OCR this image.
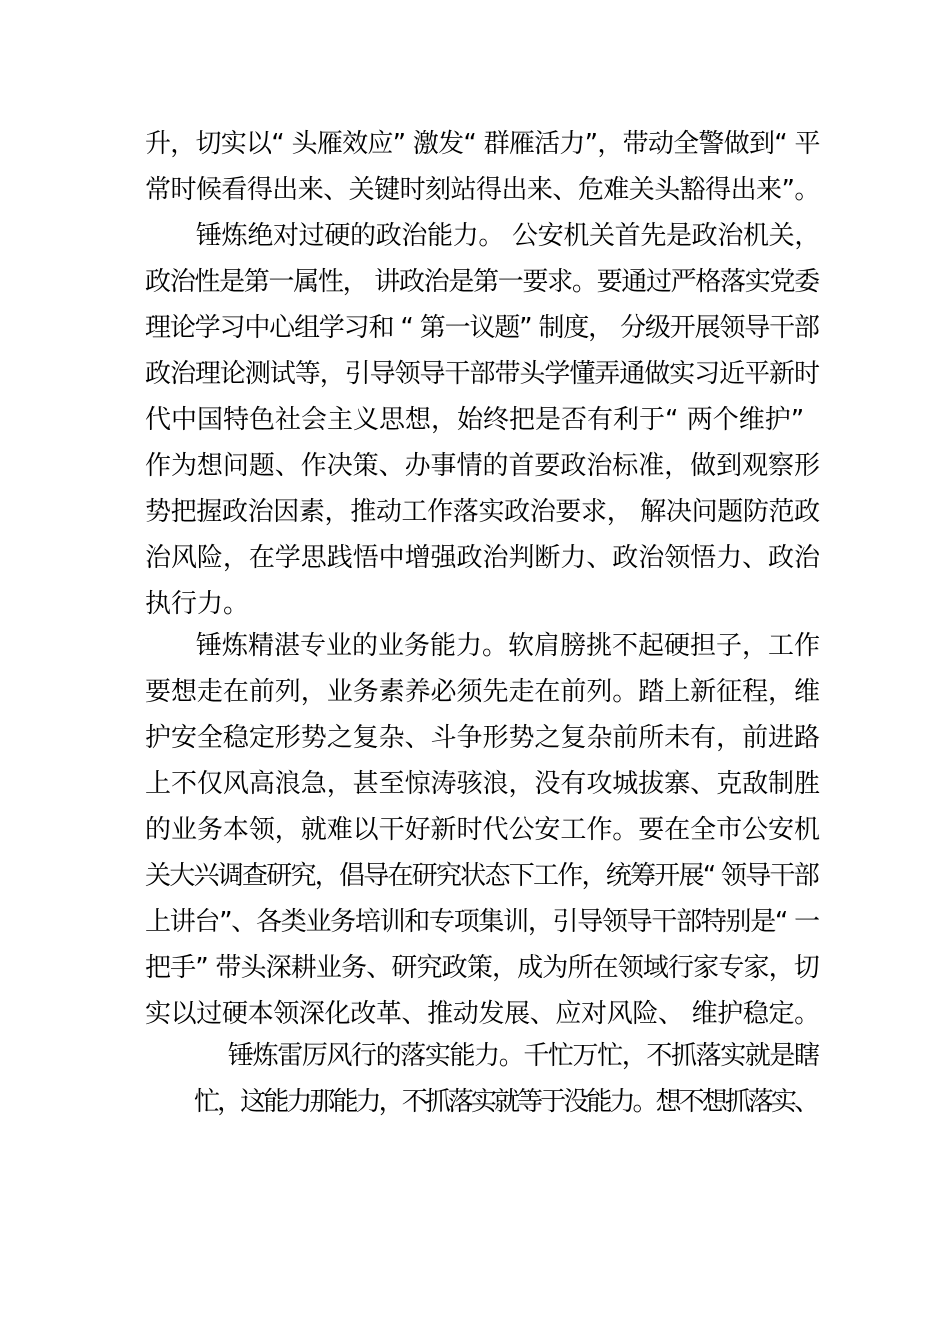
升，切实以“ 头雁效应” 激发“ 群雁活力”，带动全警做到“ 平
常时候看得出来、关键时刻站得出来、危难关头豁得出来”。
锤炼绝对过硬的政治能力。 公安机关首先是政治机关，
政治性是第一属性， 讲政治是第一要求。要通过严格落实党委
理论学习中心组学习和 “ 第一议题” 制度， 分级开展领导干部
政治理论测试等，引导领导干部带头学懂弄通做实习近平新时
代中国特色社会主义思想，始终把是否有利于“ 两个维护”
作为想问题、作决策、办事情的首要政治标准，做到观察形
势把握政治因素，推动工作落实政治要求， 解决问题防范政
治风险，在学思践悟中增强政治判断力、政治领悟力、政治
执行力。
锤炼精湛专业的业务能力。软肩膀挑不起硬担子，工作
要想走在前列，业务素养必须先走在前列。踏上新征程，维
护安全稳定形势之复杂、斗争形势之复杂前所未有，前进路
上不仅风高浪急，甚至惊涛骇浪，没有攻城拔寨、克敌制胜
的业务本领，就难以干好新时代公安工作。要在全市公安机
关大兴调查研究，倡导在研究状态下工作，统筹开展“ 领导干部
上讲台”、各类业务培训和专项集训，引导领导干部特别是“ 一
把手” 带头深耕业务、研究政策，成为所在领域行家专家，切
实以过硬本领深化改革、推动发展、应对风险、 维护稳定。
锤炼雷厉风行的落实能力。千忙万忙，不抓落实就是瞎
忙，这能力那能力，不抓落实就等于没能力。想不想抓落实、
